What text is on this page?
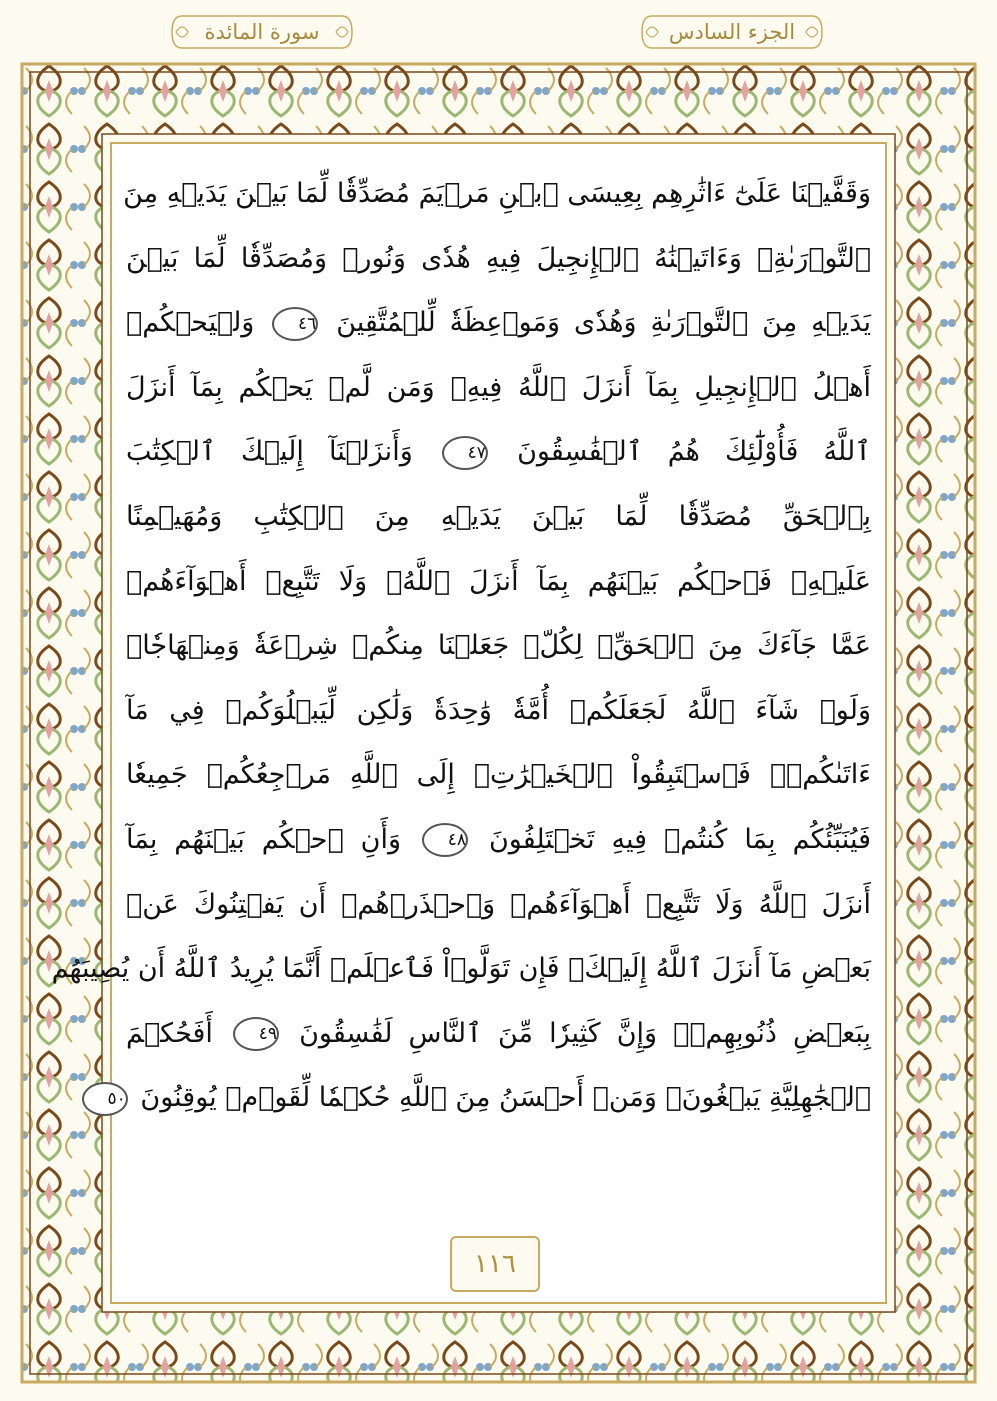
الجزء السادس
سورة المائدة
وَقَفَّيۡنَا عَلَىٰٓ ءَاثَٰرِهِم بِعِيسَى ٱبۡنِ مَرۡيَمَ مُصَدِّقٗا لِّمَا بَيۡنَ يَدَيۡهِ مِنَ
ٱلتَّوۡرَىٰةِۖ وَءَاتَيۡنَٰهُ ٱلۡإِنجِيلَ فِيهِ هُدٗى وَنُورٞ وَمُصَدِّقٗا لِّمَا بَيۡنَ
يَدَيۡهِ مِنَ ٱلتَّوۡرَىٰةِ وَهُدٗى وَمَوۡعِظَةٗ لِّلۡمُتَّقِينَ ٤٦ وَلۡيَحۡكُمۡ
أَهۡلُ ٱلۡإِنجِيلِ بِمَآ أَنزَلَ ٱللَّهُ فِيهِۚ وَمَن لَّمۡ يَحۡكُم بِمَآ أَنزَلَ
ٱللَّهُ فَأُوْلَٰٓئِكَ هُمُ ٱلۡفَٰسِقُونَ ٤٧ وَأَنزَلۡنَآ إِلَيۡكَ ٱلۡكِتَٰبَ
بِٱلۡحَقِّ مُصَدِّقٗا لِّمَا بَيۡنَ يَدَيۡهِ مِنَ ٱلۡكِتَٰبِ وَمُهَيۡمِنًا
عَلَيۡهِۖ فَٱحۡكُم بَيۡنَهُم بِمَآ أَنزَلَ ٱللَّهُۖ وَلَا تَتَّبِعۡ أَهۡوَآءَهُمۡ
عَمَّا جَآءَكَ مِنَ ٱلۡحَقِّۚ لِكُلّٖ جَعَلۡنَا مِنكُمۡ شِرۡعَةٗ وَمِنۡهَاجٗاۚ
وَلَوۡ شَآءَ ٱللَّهُ لَجَعَلَكُمۡ أُمَّةٗ وَٰحِدَةٗ وَلَٰكِن لِّيَبۡلُوَكُمۡ فِي مَآ
ءَاتَىٰكُمۡۖ فَٱسۡتَبِقُواْ ٱلۡخَيۡرَٰتِۚ إِلَى ٱللَّهِ مَرۡجِعُكُمۡ جَمِيعٗا
فَيُنَبِّئُكُم بِمَا كُنتُمۡ فِيهِ تَخۡتَلِفُونَ ٤٨ وَأَنِ ٱحۡكُم بَيۡنَهُم بِمَآ
أَنزَلَ ٱللَّهُ وَلَا تَتَّبِعۡ أَهۡوَآءَهُمۡ وَٱحۡذَرۡهُمۡ أَن يَفۡتِنُوكَ عَنۢ
بَعۡضِ مَآ أَنزَلَ ٱللَّهُ إِلَيۡكَۖ فَإِن تَوَلَّوۡاْ فَٱعۡلَمۡ أَنَّمَا يُرِيدُ ٱللَّهُ أَن يُصِيبَهُم
بِبَعۡضِ ذُنُوبِهِمۡۗ وَإِنَّ كَثِيرٗا مِّنَ ٱلنَّاسِ لَفَٰسِقُونَ ٤٩ أَفَحُكۡمَ
ٱلۡجَٰهِلِيَّةِ يَبۡغُونَۚ وَمَنۡ أَحۡسَنُ مِنَ ٱللَّهِ حُكۡمٗا لِّقَوۡمٖ يُوقِنُونَ ٥٠
١١٦
